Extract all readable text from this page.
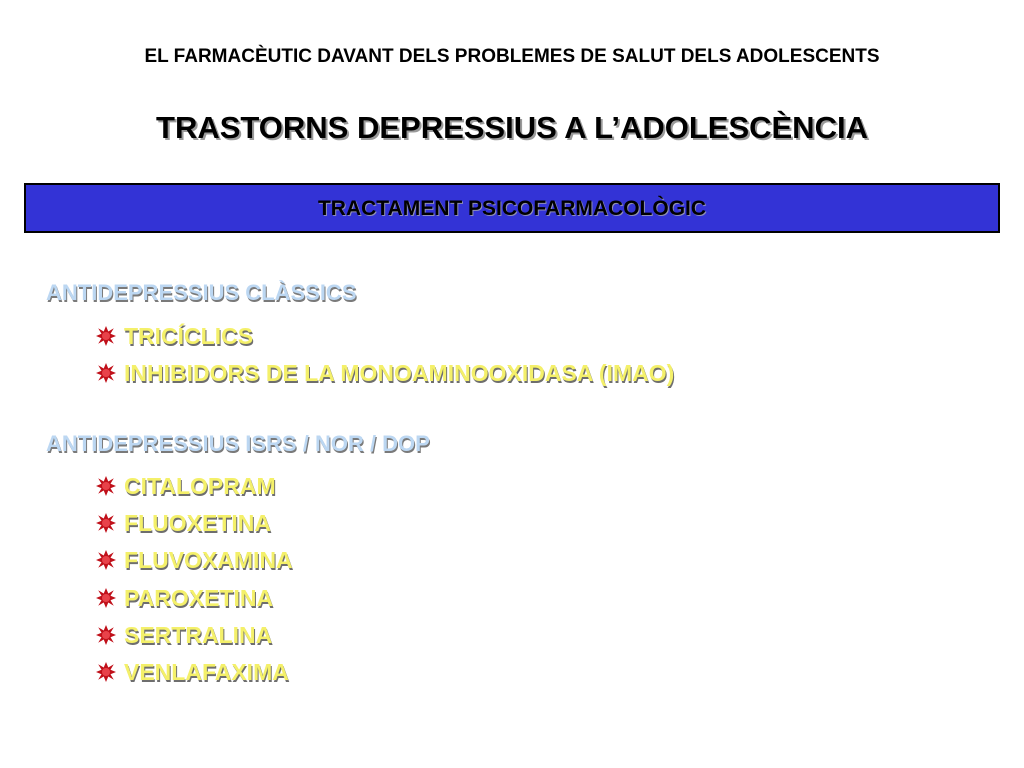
EL FARMACÈUTIC DAVANT DELS PROBLEMES DE SALUT DELS ADOLESCENTS
TRASTORNS DEPRESSIUS A L’ADOLESCÈNCIA
TRACTAMENT PSICOFARMACOLÒGIC
ANTIDEPRESSIUS CLÀSSICS
TRICÍCLICS
INHIBIDORS DE LA MONOAMINOOXIDASA (IMAO)
ANTIDEPRESSIUS ISRS / NOR / DOP
CITALOPRAM
FLUOXETINA
FLUVOXAMINA
PAROXETINA
SERTRALINA
VENLAFAXIMA
